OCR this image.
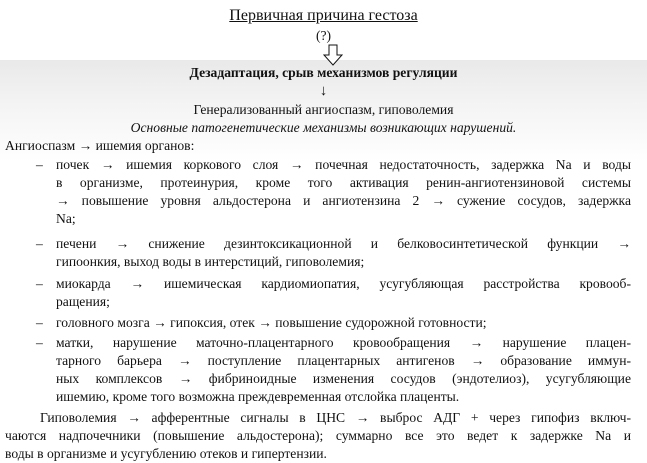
Первичная причина гестоза
(?)
Дезадаптация, срыв механизмов регуляции
↓
Генерализованный ангиоспазм, гиповолемия
Основные патогенетические механизмы возникающих нарушений.
Ангиоспазм → ишемия органов:
– почек → ишемия коркового слоя → почечная недостаточность, задержка Na и воды
в организме, протеинурия, кроме того активация ренин-ангиотензиновой системы
→ повышение уровня альдостерона и ангиотензина 2 → сужение сосудов, задержка
Na;
– печени → снижение дезинтоксикационной и белковосинтетической функции →
гипоонкия, выход воды в интерстиций, гиповолемия;
– миокарда → ишемическая кардиомиопатия, усугубляющая расстройства кровооб-
ращения;
– головного мозга → гипоксия, отек → повышение судорожной готовности;
– матки, нарушение маточно-плацентарного кровообращения → нарушение плацен-
тарного барьера → поступление плацентарных антигенов → образование иммун-
ных комплексов → фибриноидные изменения сосудов (эндотелиоз), усугубляющие
ишемию, кроме того возможна преждевременная отслойка плаценты.
Гиповолемия → афферентные сигналы в ЦНС → выброс АДГ + через гипофиз включ-
чаются надпочечники (повышение альдостерона); суммарно все это ведет к задержке Na и
воды в организме и усугублению отеков и гипертензии.
